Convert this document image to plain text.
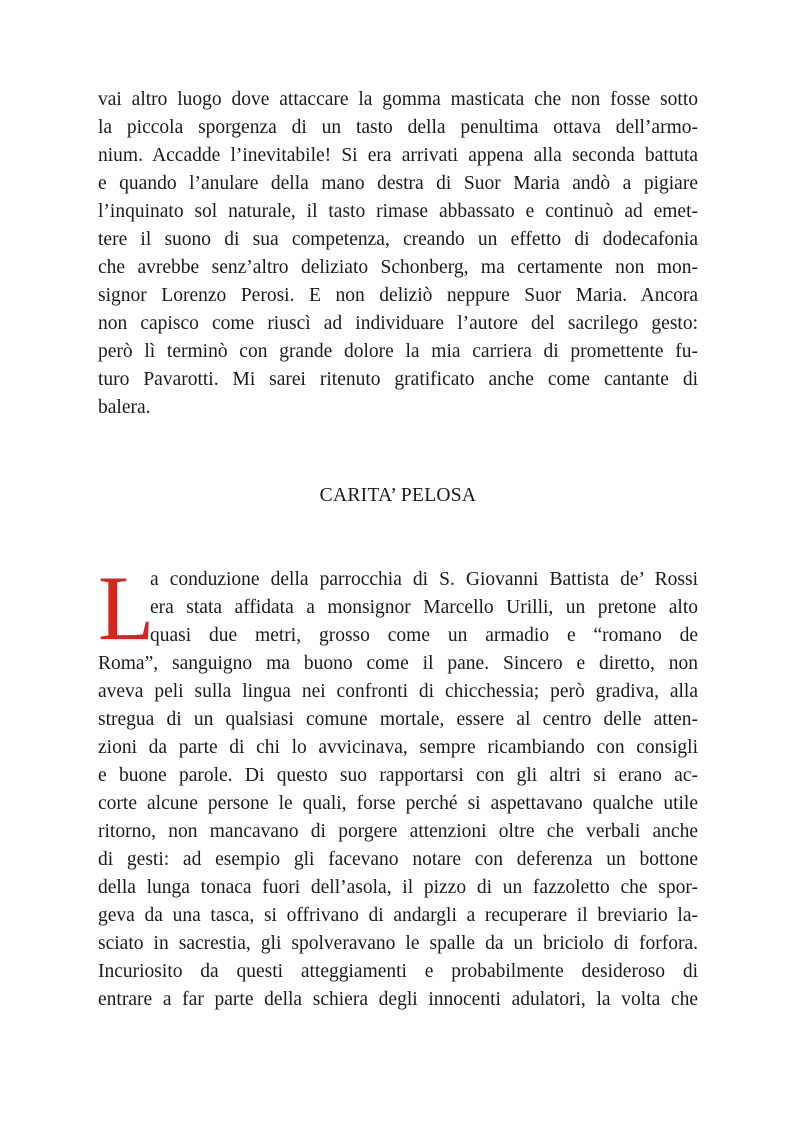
vai altro luogo dove attaccare la gomma masticata che non fosse sotto
la piccola sporgenza di un tasto della penultima ottava dell’armo-
nium. Accadde l’inevitabile! Si era arrivati appena alla seconda battuta
e quando l’anulare della mano destra di Suor Maria andò a pigiare
l’inquinato sol naturale, il tasto rimase abbassato e continuò ad emet-
tere il suono di sua competenza, creando un effetto di dodecafonia
che avrebbe senz’altro deliziato Schonberg, ma certamente non mon-
signor Lorenzo Perosi. E non deliziò neppure Suor Maria. Ancora
non capisco come riuscì ad individuare l’autore del sacrilego gesto:
però lì terminò con grande dolore la mia carriera di promettente fu-
turo Pavarotti. Mi sarei ritenuto gratificato anche come cantante di
balera.
CARITA’ PELOSA
L
a conduzione della parrocchia di S. Giovanni Battista de’ Rossi
era stata affidata a monsignor Marcello Urilli, un pretone alto
quasi due metri, grosso come un armadio e “romano de
Roma”, sanguigno ma buono come il pane. Sincero e diretto, non
aveva peli sulla lingua nei confronti di chicchessia; però gradiva, alla
stregua di un qualsiasi comune mortale, essere al centro delle atten-
zioni da parte di chi lo avvicinava, sempre ricambiando con consigli
e buone parole. Di questo suo rapportarsi con gli altri si erano ac-
corte alcune persone le quali, forse perché si aspettavano qualche utile
ritorno, non mancavano di porgere attenzioni oltre che verbali anche
di gesti: ad esempio gli facevano notare con deferenza un bottone
della lunga tonaca fuori dell’asola, il pizzo di un fazzoletto che spor-
geva da una tasca, si offrivano di andargli a recuperare il breviario la-
sciato in sacrestia, gli spolveravano le spalle da un briciolo di forfora.
Incuriosito da questi atteggiamenti e probabilmente desideroso di
entrare a far parte della schiera degli innocenti adulatori, la volta che
